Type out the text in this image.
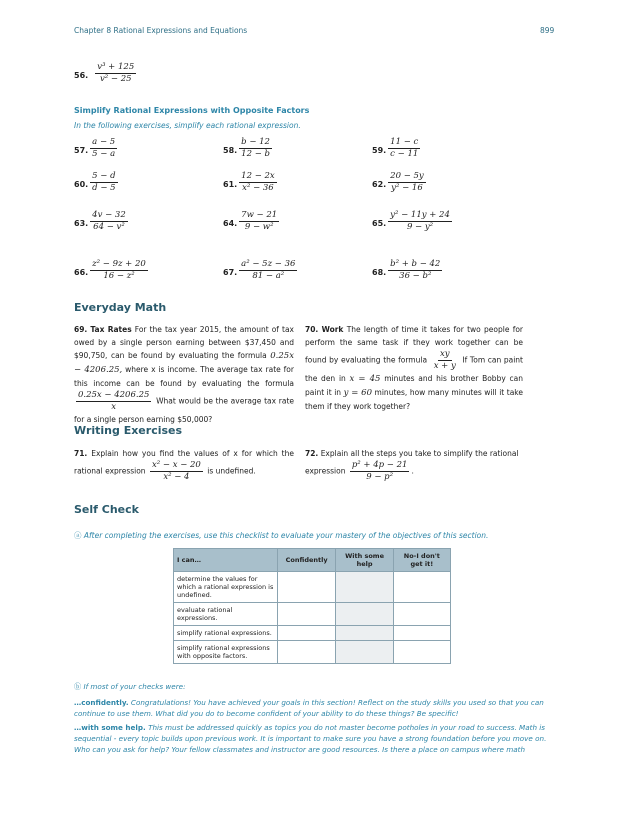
Chapter 8 Rational Expressions and Equations	899
56. $\frac{\text{v³ + 125}}{\text{v² − 25}}$
Simplify Rational Expressions with Opposite Factors
In the following exercises, simplify each rational expression.
57. $\frac{a - 5}{5 - a}$	58. $\frac{b - 12}{12 - b}$	59. $\frac{11 - c}{c - 11}$
60. $\frac{5 - d}{d - 5}$	61. $\frac{12 - 2x}{\text{x² − 36}}$	62. $\frac{20 - 5y}{\text{y² − 16}}$
63. $\frac{4v - 32}{\text{64 − v²}}$	64. $\frac{7w - 21}{\text{9 − w²}}$	65. $\frac{\text{y² − 11y + 24}}{\text{9 − y²}}$
66. $\frac{\text{z² − 9z + 20}}{\text{16 − z²}}$	67. $\frac{\text{a² − 5z − 36}}{\text{81 − a²}}$	68. $\frac{\text{b² + b − 42}}{\text{36 − b²}}$
Everyday Math
69. Tax Rates For the tax year 2015, the amount of tax owed by a single person earning between $37,450 and $90,750, can be found by evaluating the formula 0.25x − 4206.25, where x is income. The average tax rate for this income can be found by evaluating the formula
$\frac{0.25x - 4206.25}{x}$ What would be the average tax rate for a single person earning $50,000?
70. Work The length of time it takes for two people for perform the same task if they work together can be found by evaluating the formula $\frac{xy}{x + y}$ If Tom can paint the den in x = 45 minutes and his brother Bobby can paint it in y = 60 minutes, how many minutes will it take them if they work together?
Writing Exercises
71. Explain how you find the values of x for which the rational expression $\frac{\text{x² − x − 20}}{\text{x² − 4}}$ is undefined.
72. Explain all the steps you take to simplify the rational expression $\frac{\text{p² + 4p − 21}}{\text{9 − p²}}$ .
Self Check
ⓐ After completing the exercises, use this checklist to evaluate your mastery of the objectives of this section.
I can…	Confidently	With some help	No-I don't get it!
determine the values for which a rational expression is undefined.			
evaluate rational expressions.			
simplify rational expressions.			
simplify rational expressions with opposite factors.			
ⓑ If most of your checks were:
…confidently. Congratulations! You have achieved your goals in this section! Reflect on the study skills you used so that you can continue to use them. What did you do to become confident of your ability to do these things? Be specific!
…with some help. This must be addressed quickly as topics you do not master become potholes in your road to success. Math is sequential - every topic builds upon previous work. It is important to make sure you have a strong foundation before you move on. Who can you ask for help? Your fellow classmates and instructor are good resources. Is there a place on campus where math
